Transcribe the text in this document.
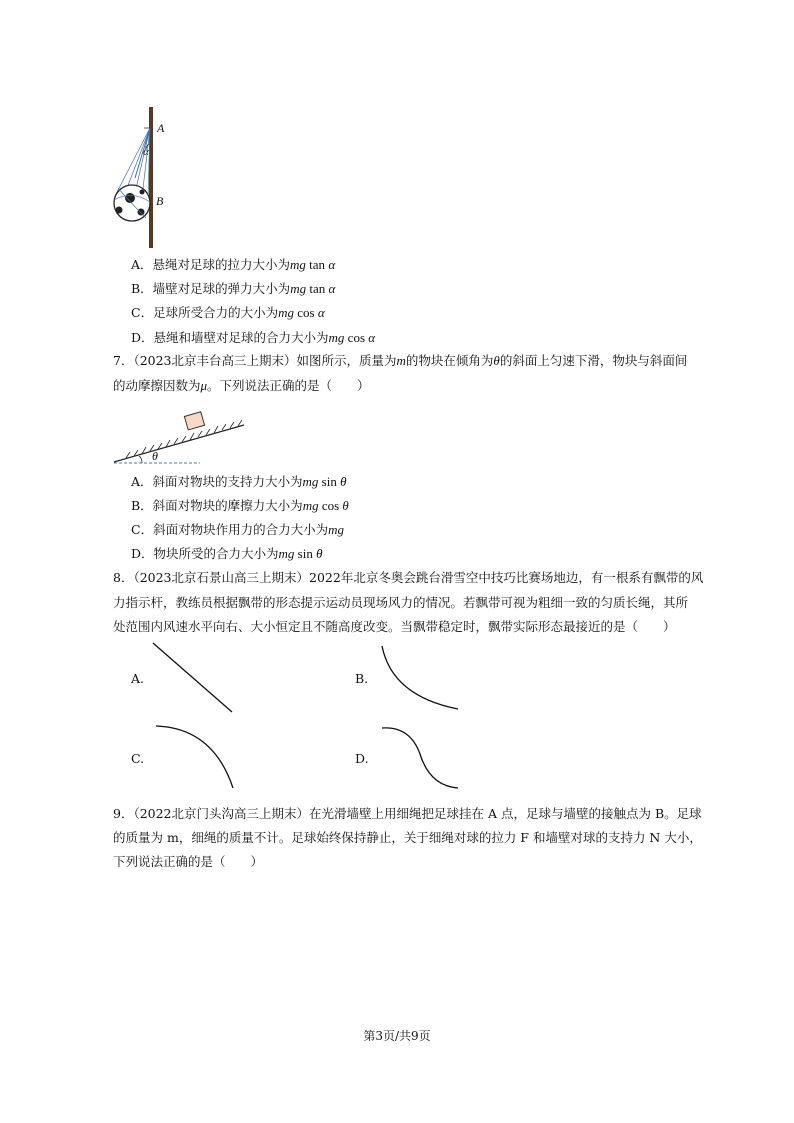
A
α
B
A．悬绳对足球的拉力大小为mg tan α
B．墙壁对足球的弹力大小为mg tan α
C．足球所受合力的大小为mg cos α
D．悬绳和墙壁对足球的合力大小为mg cos α
7．（2023北京丰台高三上期末）如图所示，质量为m的物块在倾角为θ的斜面上匀速下滑，物块与斜面间
的动摩擦因数为μ。下列说法正确的是（　　）
θ
A．斜面对物块的支持力大小为mg sin θ
B．斜面对物块的摩擦力大小为mg cos θ
C．斜面对物块作用力的合力大小为mg
D．物块所受的合力大小为mg sin θ
8．（2023北京石景山高三上期末）2022年北京冬奥会跳台滑雪空中技巧比赛场地边，有一根系有飘带的风
力指示杆，教练员根据飘带的形态提示运动员现场风力的情况。若飘带可视为粗细一致的匀质长绳，其所
处范围内风速水平向右、大小恒定且不随高度改变。当飘带稳定时，飘带实际形态最接近的是（　　）
A.	B.
C.	D.
9．（2022北京门头沟高三上期末）在光滑墙壁上用细绳把足球挂在 A 点，足球与墙壁的接触点为 B。足球
的质量为 m，细绳的质量不计。足球始终保持静止，关于细绳对球的拉力 F 和墙壁对球的支持力 N 大小，
下列说法正确的是（　　）
第3页/共9页
